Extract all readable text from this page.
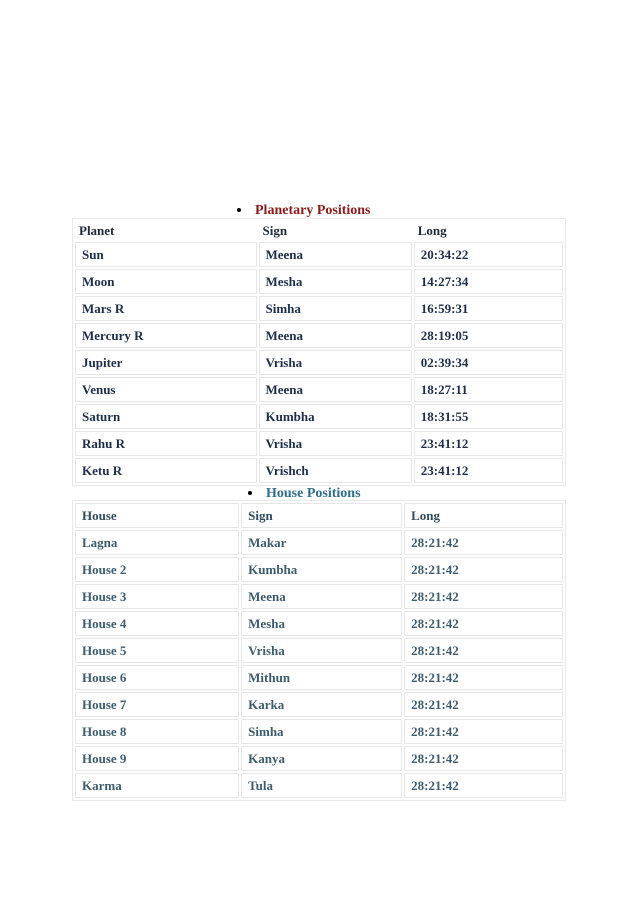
Planetary Positions
Planet	Sign	Long
Sun	Meena	20:34:22
Moon	Mesha	14:27:34
Mars R	Simha	16:59:31
Mercury R	Meena	28:19:05
Jupiter	Vrisha	02:39:34
Venus	Meena	18:27:11
Saturn	Kumbha	18:31:55
Rahu R	Vrisha	23:41:12
Ketu R	Vrishch	23:41:12
House Positions
House	Sign	Long
Lagna	Makar	28:21:42
House 2	Kumbha	28:21:42
House 3	Meena	28:21:42
House 4	Mesha	28:21:42
House 5	Vrisha	28:21:42
House 6	Mithun	28:21:42
House 7	Karka	28:21:42
House 8	Simha	28:21:42
House 9	Kanya	28:21:42
Karma	Tula	28:21:42
